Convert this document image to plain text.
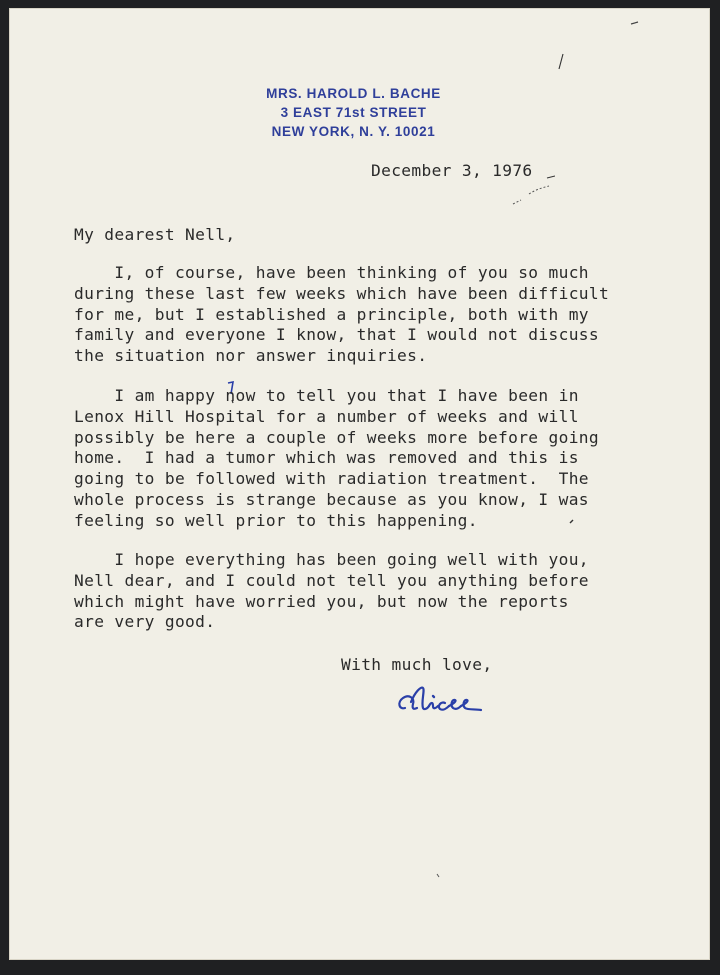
MRS. HAROLD L. BACHE
3 EAST 71st STREET
NEW YORK, N. Y. 10021
December 3, 1976
My dearest Nell,
I, of course, have been thinking of you so much
during these last few weeks which have been difficult
for me, but I established a principle, both with my
family and everyone I know, that I would not discuss
the situation nor answer inquiries.
I am happy now to tell you that I have been in
Lenox Hill Hospital for a number of weeks and will
possibly be here a couple of weeks more before going
home.  I had a tumor which was removed and this is
going to be followed with radiation treatment.  The
whole process is strange because as you know, I was
feeling so well prior to this happening.
I hope everything has been going well with you,
Nell dear, and I could not tell you anything before
which might have worried you, but now the reports
are very good.
With much love,
